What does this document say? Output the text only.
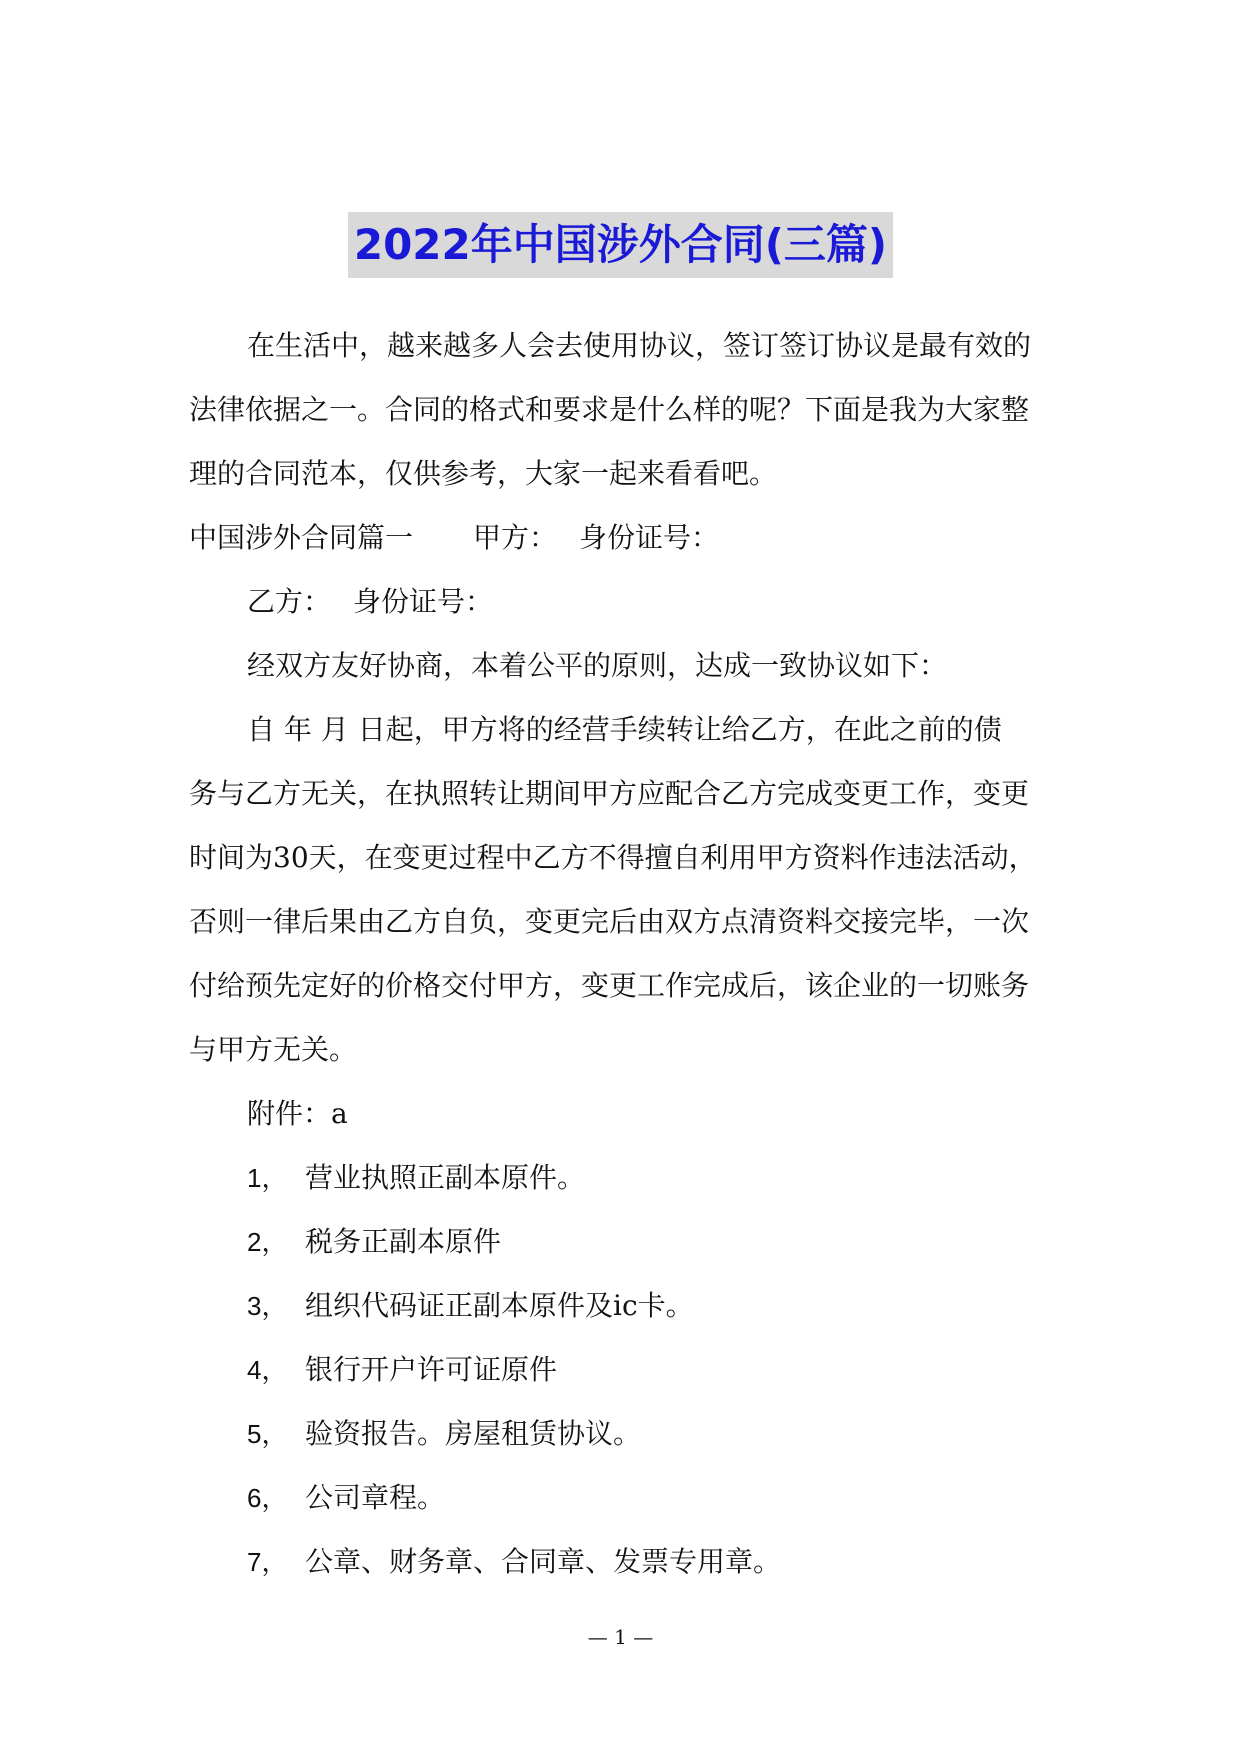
2022年中国涉外合同(三篇)
在生活中，越来越多人会去使用协议，签订签订协议是最有效的
法律依据之一。合同的格式和要求是什么样的呢？下面是我为大家整
理的合同范本，仅供参考，大家一起来看看吧。
中国涉外合同篇一 甲方： 身份证号：
乙方： 身份证号：
经双方友好协商，本着公平的原则，达成一致协议如下：
自 年 月 日起，甲方将的经营手续转让给乙方，在此之前的债
务与乙方无关，在执照转让期间甲方应配合乙方完成变更工作，变更
时间为30天，在变更过程中乙方不得擅自利用甲方资料作违法活动，
否则一律后果由乙方自负，变更完后由双方点清资料交接完毕，一次
付给预先定好的价格交付甲方，变更工作完成后，该企业的一切账务
与甲方无关。
附件：a
1， 营业执照正副本原件。
2， 税务正副本原件
3， 组织代码证正副本原件及ic卡。
4， 银行开户许可证原件
5， 验资报告。房屋租赁协议。
6， 公司章程。
7， 公章、财务章、合同章、发票专用章。
— 1 —
